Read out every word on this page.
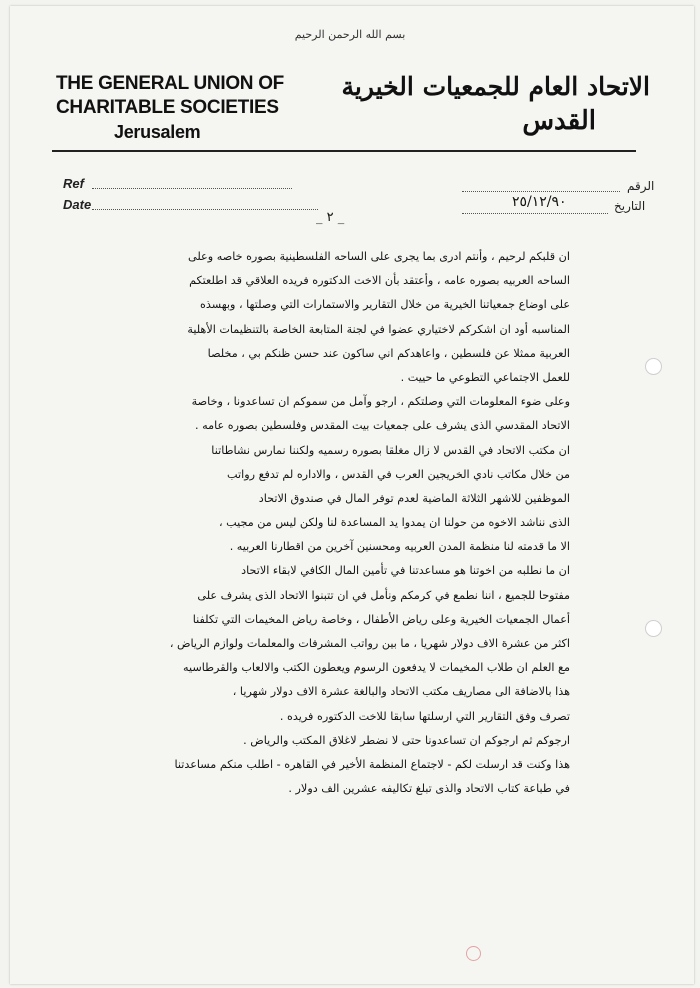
بسم الله الرحمن الرحيم
THE GENERAL UNION OF
CHARITABLE SOCIETIES
Jerusalem
الاتحاد العام للجمعيات الخيرية
القدس
Ref
Date
الرقم
التاريخ
٢٥/١٢/٩٠
_ ٢ _

ان قلبكم لرحيم ، وأنتم ادرى بما يجرى على الساحه الفلسطينية بصوره خاصه وعلى

الساحه العربيه بصوره عامه ، وأعتقد بأن الاخت الدكتوره فريده العلاقي قد اطلعتكم

على اوضاع جمعياتنا الخيرية من خلال التقارير والاستمارات التي وصلتها ، وبهسذه

المناسبه أود ان اشكركم لاختياري عضوا في لجنة المتابعة الخاصة بالتنظيمات الأهلية

العربية ممثلا عن فلسطين ، واعاهدكم اني ساكون عند حسن ظنكم بي ، مخلصا

للعمل الاجتماعي التطوعي ما حييت .

وعلى ضوء المعلومات التي وصلتكم ، ارجو وآمل من سموكم ان تساعدونا ، وخاصة

الاتحاد المقدسي الذى يشرف على جمعيات بيت المقدس وفلسطين بصوره عامه .

ان مكتب الاتحاد في القدس لا زال مغلقا بصوره رسميه ولكننا نمارس نشاطاتنا

من خلال مكاتب نادي الخريجين العرب في القدس ، والاداره لم تدفع رواتب

الموظفين للاشهر الثلاثة الماضية لعدم توفر المال في صندوق الاتحاد

الذى نناشد الاخوه من حولنا ان يمدوا يد المساعدة لنا ولكن ليس من مجيب ،

الا ما قدمته لنا منظمة المدن العربيه ومحسنين آخرين من اقطارنا العربيه .

ان ما نطلبه من اخوتنا هو مساعدتنا في تأمين المال الكافي لابقاء الاتحاد

مفتوحا للجميع ، اننا نطمع في كرمكم ونأمل في ان تتبنوا الاتحاد الذى يشرف على

أعمال الجمعيات الخيرية وعلى رياض الأطفال ، وخاصة رياض المخيمات التي تكلفنا

اكثر من عشرة الاف دولار شهريا ، ما بين رواتب المشرفات والمعلمات ولوازم الرياض ،

مع العلم ان طلاب المخيمات لا يدفعون الرسوم ويعطون الكتب والالعاب والقرطاسيه

هذا بالاضافة الى مصاريف مكتب الاتحاد والبالغة عشرة الاف دولار شهريا ،

تصرف وفق التقارير التي ارسلتها سابقا للاخت الدكتوره فريده .

ارجوكم ثم ارجوكم ان تساعدونا حتى لا نضطر لاغلاق المكتب والرياض .

هذا وكنت قد ارسلت لكم - لاجتماع المنظمة الأخير في القاهره - اطلب منكم مساعدتنا

في طباعة كتاب الاتحاد والذى تبلغ تكاليفه عشرين الف دولار .
